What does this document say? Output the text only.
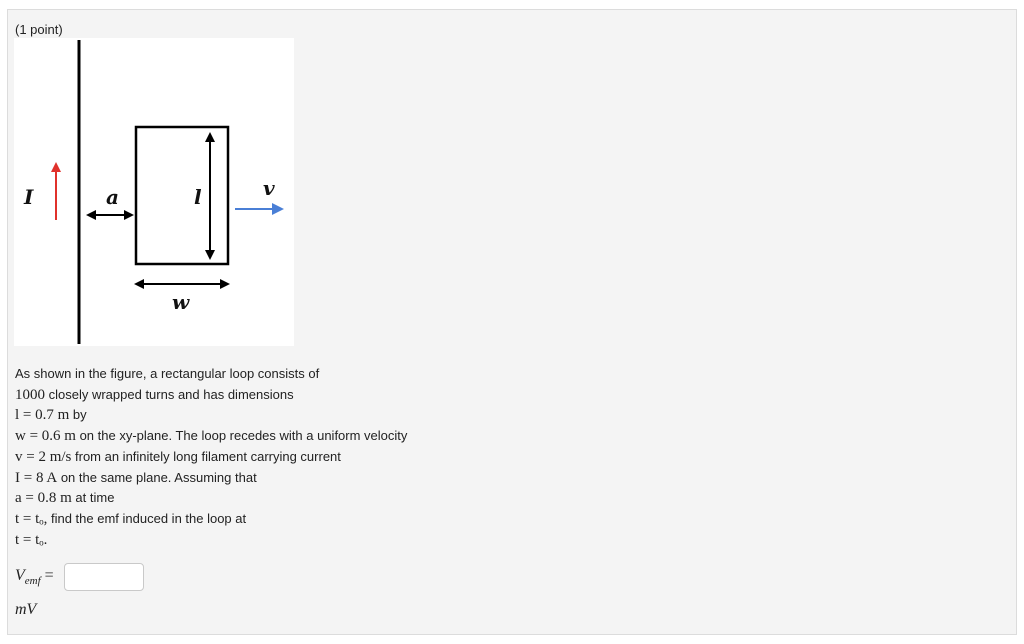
(1 point)
I	a	l
w
v
As shown in the figure, a rectangular loop consists of
1000 closely wrapped turns and has dimensions
l = 0.7 m by
w = 0.6 m on the xy-plane. The loop recedes with a uniform velocity
v = 2 m/s from an infinitely long filament carrying current
I = 8 A on the same plane. Assuming that
a = 0.8 m at time
t = tₒ, find the emf induced in the loop at
t = tₒ.
$V_{emf}$ =
mV
